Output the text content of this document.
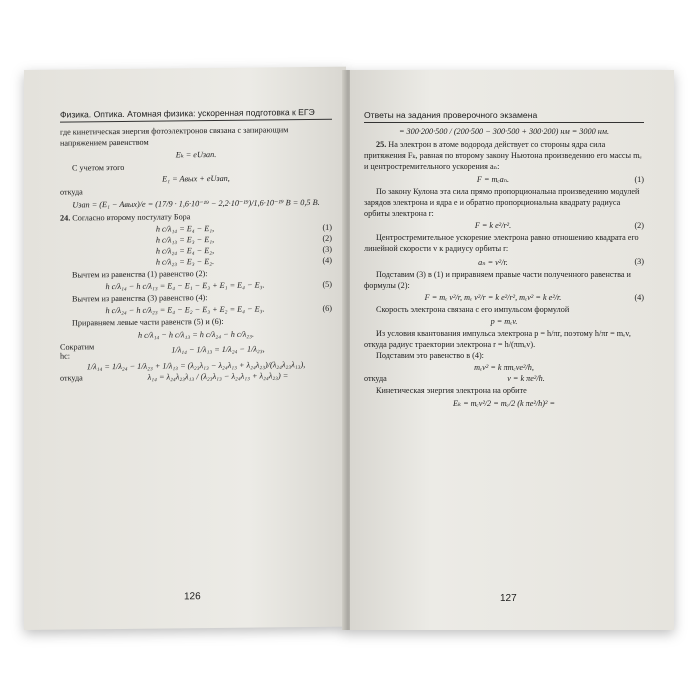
Физика. Оптика. Атомная физика: ускоренная подготовка к ЕГЭ

где кинетическая энергия фотоэлектронов связана с запирающим напряжением равенством

Eₖ = eUзап.

С учетом этого

E₁ = Aвых + eUзап,

откуда

Uзап = (E₁ − Aвых)/e = (17/9 · 1,6·10⁻¹⁹ − 2,2·10⁻¹⁹)/1,6·10⁻¹⁹ В = 0,5 В.

24. Согласно второму постулату Бора

h c/λ₁₄ = E₄ − E₁,	(1)
h c/λ₁₃ = E₃ − E₁,	(2)
h c/λ₂₄ = E₄ − E₂,	(3)
h c/λ₂₃ = E₃ − E₂.	(4)

Вычтем из равенства (1) равенство (2):

h c/λ₁₄ − h c/λ₁₃ = E₄ − E₁ − E₃ + E₁ = E₄ − E₃.	(5)

Вычтем из равенства (3) равенство (4):

h c/λ₂₄ − h c/λ₂₃ = E₄ − E₂ − E₃ + E₂ = E₄ − E₃.	(6)

Приравняем левые части равенств (5) и (6):

h c/λ₁₄ − h c/λ₁₃ = h c/λ₂₄ − h c/λ₂₃.
Сократим hc:
1/λ₁₄ − 1/λ₁₃ = 1/λ₂₄ − 1/λ₂₃,
1/λ₁₄ = 1/λ₂₄ − 1/λ₂₃ + 1/λ₁₃ = (λ₂₃λ₁₃ − λ₂₄λ₁₃ + λ₂₄λ₂₃)/(λ₂₄λ₂₃λ₁₃),
откуда	λ₁₄ = λ₂₄λ₂₃λ₁₃ / (λ₂₃λ₁₃ − λ₂₄λ₁₃ + λ₂₄λ₂₃) =
126
Ответы на задания проверочного экзамена
= 300·200·500 / (200·500 − 300·500 + 300·200) нм = 3000 нм.

25. На электрон в атоме водорода действует со стороны ядра сила притяжения Fₖ, равная по второму закону Ньютона произведению его массы mₑ и центростремительного ускорения aₙ:

F = mₑaₙ.	(1)

По закону Кулона эта сила прямо пропорциональна произведению модулей зарядов электрона и ядра e и обратно пропорциональна квадрату радиуса орбиты электрона r:

F = k e²/r².	(2)

Центростремительное ускорение электрона равно отношению квадрата его линейной скорости v к радиусу орбиты r:

aₙ = v²/r.	(3)

Подставим (3) в (1) и приравняем правые части полученного равенства и формулы (2):

F = mₑ v²/r, mₑ v²/r = k e²/r², mₑv² = k e²/r.	(4)

Скорость электрона связана с его импульсом формулой

p = mₑv.

Из условия квантования импульса электрона p = h/πr, поэтому h/πr = mₑv, откуда радиус траектории электрона r = h/(πmₑv).

Подставим это равенство в (4):

mₑv² = k πmₑve²/h,
откуда	v = k πe²/h.

Кинетическая энергия электрона на орбите

Eₖ = mₑv²/2 = mₑ/2 (k πe²/h)² =
127
